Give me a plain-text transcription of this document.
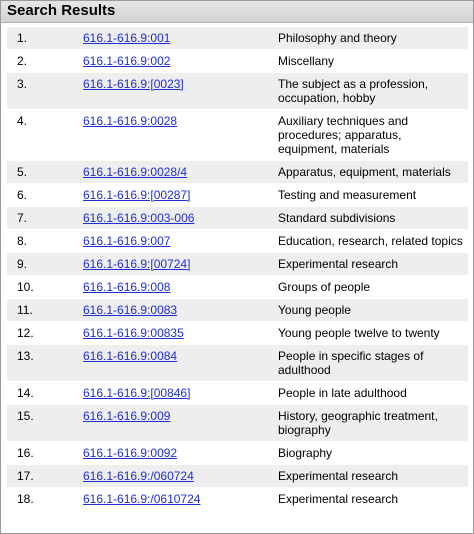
Search Results
1.	616.1-616.9:001	Philosophy and theory
2.	616.1-616.9:002	Miscellany
3.	616.1-616.9:[0023]	The subject as a profession, occupation, hobby
4.	616.1-616.9:0028	Auxiliary techniques and procedures; apparatus, equipment, materials
5.	616.1-616.9:0028/4	Apparatus, equipment, materials
6.	616.1-616.9:[00287]	Testing and measurement
7.	616.1-616.9:003-006	Standard subdivisions
8.	616.1-616.9:007	Education, research, related topics
9.	616.1-616.9:[00724]	Experimental research
10.	616.1-616.9:008	Groups of people
11.	616.1-616.9:0083	Young people
12.	616.1-616.9:00835	Young people twelve to twenty
13.	616.1-616.9:0084	People in specific stages of adulthood
14.	616.1-616.9:[00846]	People in late adulthood
15.	616.1-616.9:009	History, geographic treatment, biography
16.	616.1-616.9:0092	Biography
17.	616.1-616.9:/060724	Experimental research
18.	616.1-616.9:/0610724	Experimental research
